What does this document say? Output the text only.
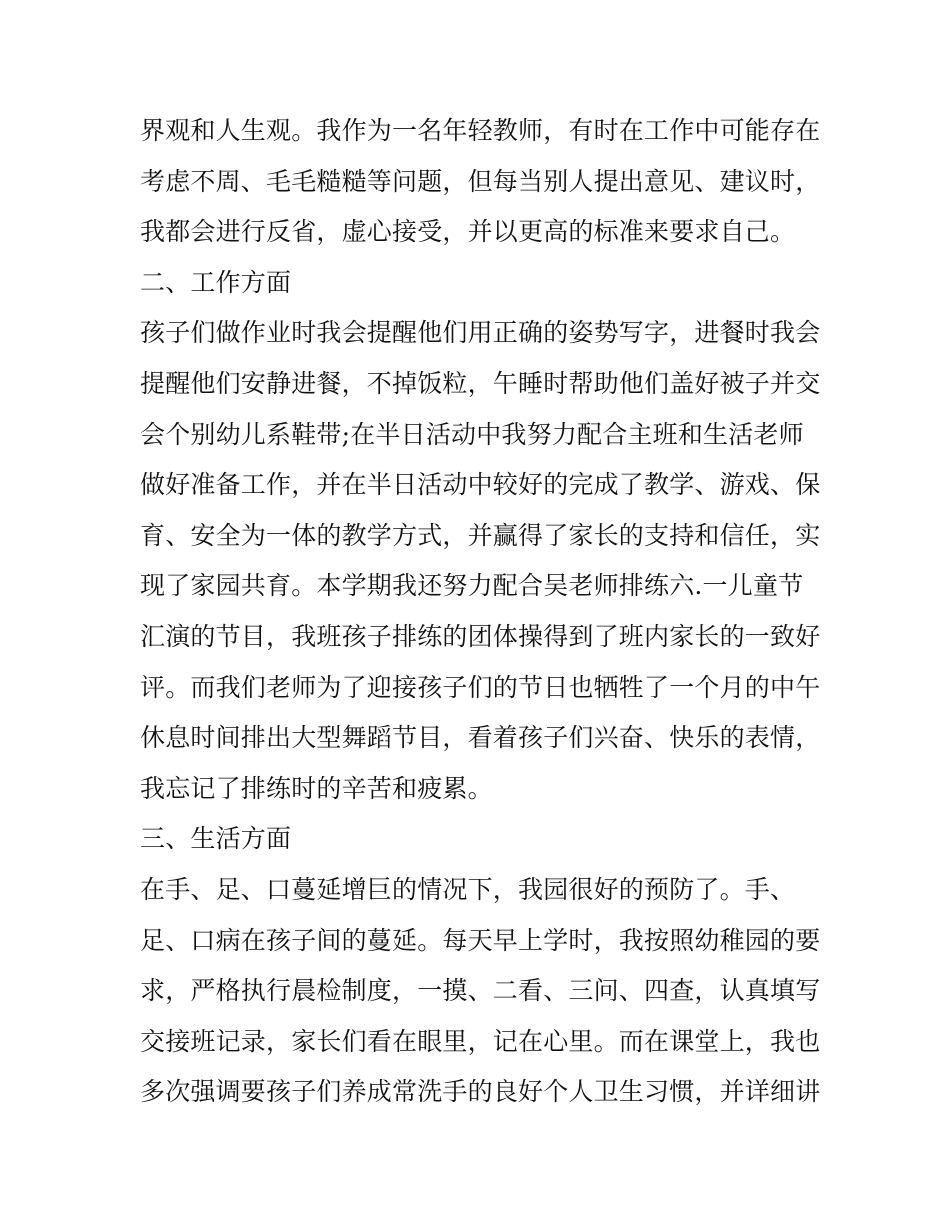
界观和人生观。我作为一名年轻教师，有时在工作中可能存在
考虑不周、毛毛糙糙等问题，但每当别人提出意见、建议时，
我都会进行反省，虚心接受，并以更高的标准来要求自己。
二、工作方面
孩子们做作业时我会提醒他们用正确的姿势写字，进餐时我会
提醒他们安静进餐，不掉饭粒，午睡时帮助他们盖好被子并交
会个别幼儿系鞋带;在半日活动中我努力配合主班和生活老师
做好准备工作，并在半日活动中较好的完成了教学、游戏、保
育、安全为一体的教学方式，并赢得了家长的支持和信任，实
现了家园共育。本学期我还努力配合吴老师排练六.一儿童节
汇演的节目，我班孩子排练的团体操得到了班内家长的一致好
评。而我们老师为了迎接孩子们的节日也牺牲了一个月的中午
休息时间排出大型舞蹈节目，看着孩子们兴奋、快乐的表情，
我忘记了排练时的辛苦和疲累。
三、生活方面
在手、足、口蔓延增巨的情况下，我园很好的预防了。手、
足、口病在孩子间的蔓延。每天早上学时，我按照幼稚园的要
求，严格执行晨检制度，一摸、二看、三问、四查，认真填写
交接班记录，家长们看在眼里，记在心里。而在课堂上，我也
多次强调要孩子们养成常洗手的良好个人卫生习惯，并详细讲
